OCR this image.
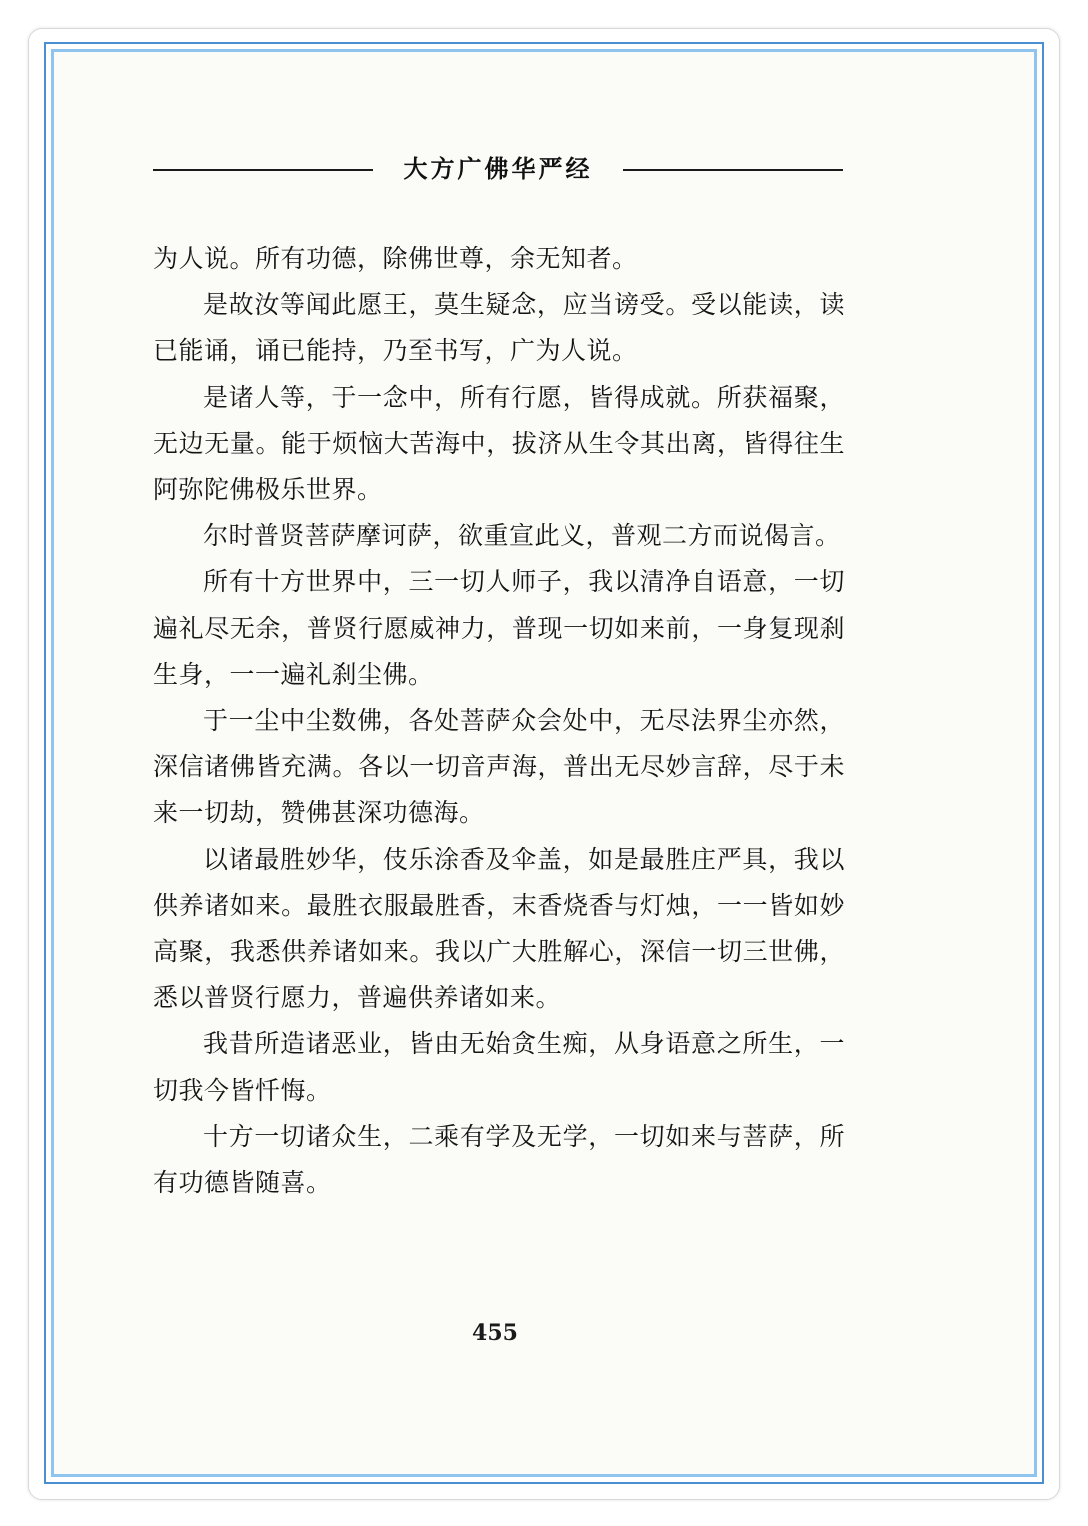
大方广佛华严经

为人说。所有功德，除佛世尊，余无知者。

是故汝等闻此愿王，莫生疑念，应当谤受。受以能读，读已能诵，诵已能持，乃至书写，广为人说。

是诸人等，于一念中，所有行愿，皆得成就。所获福聚，无边无量。能于烦恼大苦海中，拔济从生令其出离，皆得往生阿弥陀佛极乐世界。

尔时普贤菩萨摩诃萨，欲重宣此义，普观二方而说偈言。

所有十方世界中，三一切人师子，我以清净自语意，一切遍礼尽无余，普贤行愿威神力，普现一切如来前，一身复现刹生身，一一遍礼刹尘佛。

于一尘中尘数佛，各处菩萨众会处中，无尽法界尘亦然，深信诸佛皆充满。各以一切音声海，普出无尽妙言辞，尽于未来一切劫，赞佛甚深功德海。

以诸最胜妙华，伎乐涂香及伞盖，如是最胜庄严具，我以供养诸如来。最胜衣服最胜香，末香烧香与灯烛，一一皆如妙高聚，我悉供养诸如来。我以广大胜解心，深信一切三世佛，悉以普贤行愿力，普遍供养诸如来。

我昔所造诸恶业，皆由无始贪生痴，从身语意之所生，一切我今皆忏悔。

十方一切诸众生，二乘有学及无学，一切如来与菩萨，所有功德皆随喜。

455
